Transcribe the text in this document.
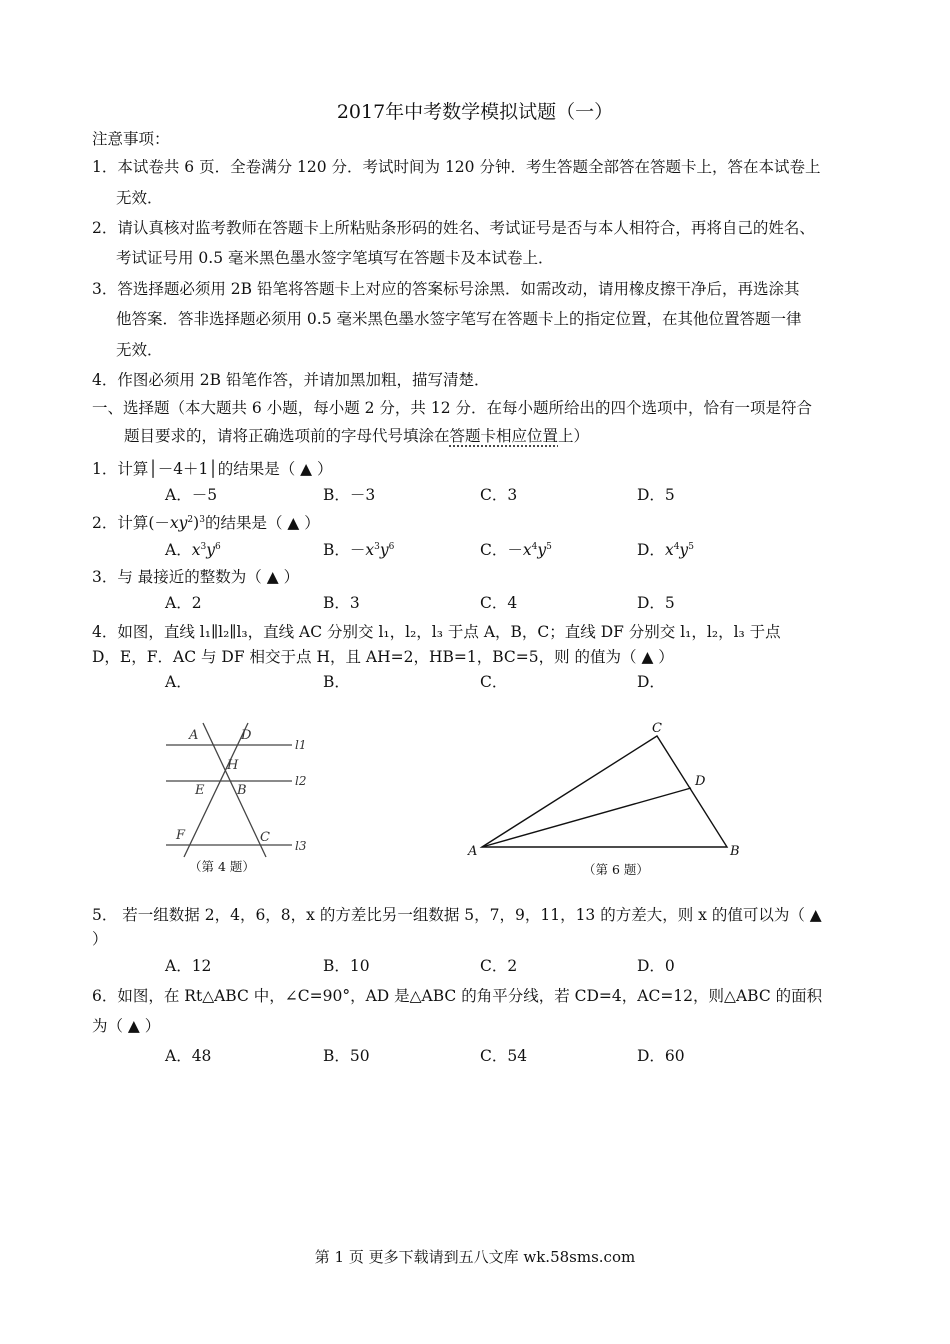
2017年中考数学模拟试题（一）
注意事项：
1．本试卷共 6 页．全卷满分 120 分．考试时间为 120 分钟．考生答题全部答在答题卡上，答在本试卷上
无效．
2．请认真核对监考教师在答题卡上所粘贴条形码的姓名、考试证号是否与本人相符合，再将自己的姓名、
考试证号用 0.5 毫米黑色墨水签字笔填写在答题卡及本试卷上．
3．答选择题必须用 2B 铅笔将答题卡上对应的答案标号涂黑．如需改动，请用橡皮擦干净后，再选涂其
他答案．答非选择题必须用 0.5 毫米黑色墨水签字笔写在答题卡上的指定位置，在其他位置答题一律
无效．
4．作图必须用 2B 铅笔作答，并请加黑加粗，描写清楚．
一、选择题（本大题共 6 小题，每小题 2 分，共 12 分．在每小题所给出的四个选项中，恰有一项是符合
题目要求的，请将正确选项前的字母代号填涂在答题卡相应位置上）
1．计算│－4＋1│的结果是（ ▲ ）
A．－5	B．－3	C．3	D．5
2．计算$(-xy^2)^3$的结果是（ ▲ ）
A．$x^3y^6$	B．$-x^3y^6$	C．$-x^4y^5$	D．$x^4y^5$
3．与 最接近的整数为（ ▲ ）
A．2	B．3	C．4	D．5
4．如图，直线 l₁∥l₂∥l₃，直线 AC 分别交 l₁，l₂，l₃ 于点 A，B，C；直线 DF 分别交 l₁，l₂，l₃ 于点
D，E，F．AC 与 DF 相交于点 H，且 AH=2，HB=1，BC=5，则 的值为（ ▲ ）
A．	B．	C．	D．
A	D
H
E	B
F	C
l1
l2
l3
（第 4 题）
A	B
C
D
（第 6 题）
5． 若一组数据 2，4，6，8，x 的方差比另一组数据 5，7，9，11，13 的方差大，则 x 的值可以为（ ▲
）
A．12	B．10	C．2	D．0
6．如图，在 Rt△ABC 中，∠C=90°，AD 是△ABC 的角平分线，若 CD=4，AC=12，则△ABC 的面积
为（ ▲ ）
A．48	B．50	C．54	D．60
第 1 页 更多下载请到五八文库 wk.58sms.com
